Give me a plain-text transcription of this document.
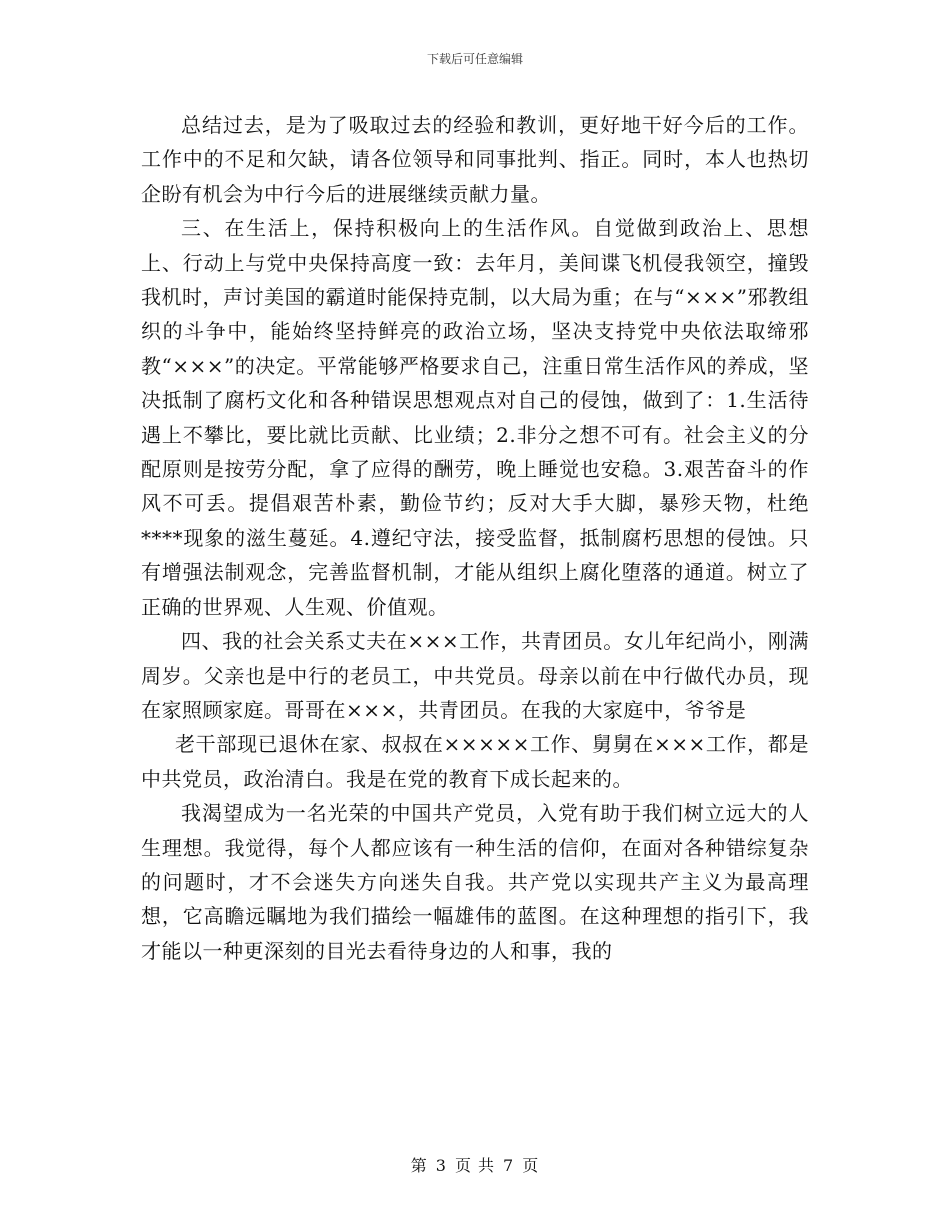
下载后可任意编辑

总结过去，是为了吸取过去的经验和教训，更好地干好今后的工作。工作中的不足和欠缺，请各位领导和同事批判、指正。同时，本人也热切企盼有机会为中行今后的进展继续贡献力量。

三、在生活上，保持积极向上的生活作风。自觉做到政治上、思想上、行动上与党中央保持高度一致：去年月，美间谍飞机侵我领空，撞毁我机时，声讨美国的霸道时能保持克制，以大局为重；在与“×××”邪教组织的斗争中，能始终坚持鲜亮的政治立场，坚决支持党中央依法取缔邪教“×××”的决定。平常能够严格要求自己，注重日常生活作风的养成，坚决抵制了腐朽文化和各种错误思想观点对自己的侵蚀，做到了：1.生活待遇上不攀比，要比就比贡献、比业绩；2.非分之想不可有。社会主义的分配原则是按劳分配，拿了应得的酬劳，晚上睡觉也安稳。3.艰苦奋斗的作风不可丢。提倡艰苦朴素，勤俭节约；反对大手大脚，暴殄天物，杜绝****现象的滋生蔓延。4.遵纪守法，接受监督，抵制腐朽思想的侵蚀。只有增强法制观念，完善监督机制，才能从组织上腐化堕落的通道。树立了正确的世界观、人生观、价值观。

四、我的社会关系丈夫在×××工作，共青团员。女儿年纪尚小，刚满周岁。父亲也是中行的老员工，中共党员。母亲以前在中行做代办员，现在家照顾家庭。哥哥在×××，共青团员。在我的大家庭中，爷爷是

老干部现已退休在家、叔叔在×××××工作、舅舅在×××工作，都是中共党员，政治清白。我是在党的教育下成长起来的。

我渴望成为一名光荣的中国共产党员，入党有助于我们树立远大的人生理想。我觉得，每个人都应该有一种生活的信仰，在面对各种错综复杂的问题时，才不会迷失方向迷失自我。共产党以实现共产主义为最高理想，它高瞻远瞩地为我们描绘一幅雄伟的蓝图。在这种理想的指引下，我才能以一种更深刻的目光去看待身边的人和事，我的

第 3 页 共 7 页
